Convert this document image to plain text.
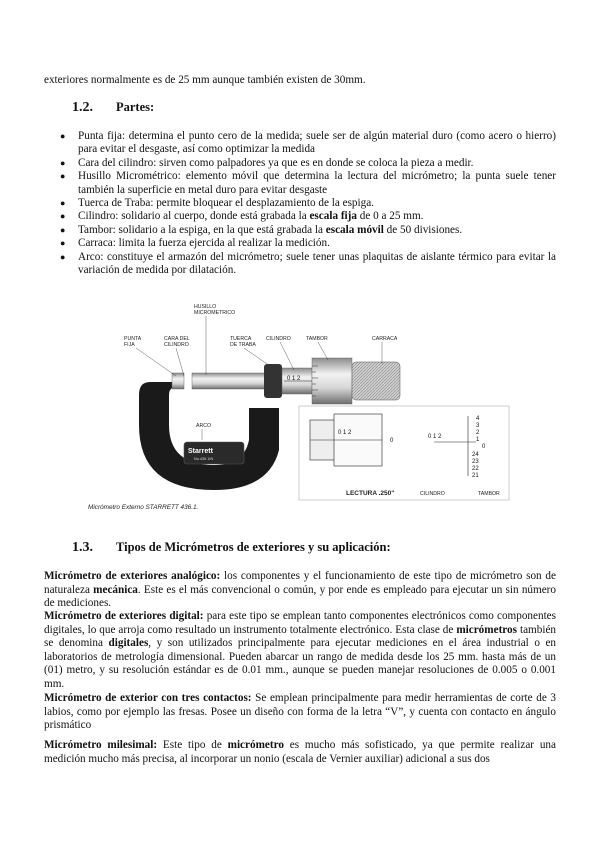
exteriores normalmente es de 25 mm aunque también existen de 30mm.
1.2. Partes:
● Punta fija: determina el punto cero de la medida; suele ser de algún material duro (como acero o hierro) para evitar el desgaste, así como optimizar la medida
● Cara del cilindro: sirven como palpadores ya que es en donde se coloca la pieza a medir.
● Husillo Micrométrico: elemento móvil que determina la lectura del micrómetro; la punta suele tener también la superficie en metal duro para evitar desgaste
● Tuerca de Traba: permite bloquear el desplazamiento de la espiga.
● Cilindro: solidario al cuerpo, donde está grabada la escala fija de 0 a 25 mm.
● Tambor: solidario a la espiga, en la que está grabada la escala móvil de 50 divisiones.
● Carraca: limita la fuerza ejercida al realizar la medición.
● Arco: constituye el armazón del micrómetro; suele tener unas plaquitas de aislante térmico para evitar la variación de medida por dilatación.
Starrett
No.436 1IN
0 1 2
PUNTA
FIJA
CARA DEL
CILINDRO
HUSILLO
MICROMETRICO
TUERCA
DE TRABA
CILINDRO	TAMBOR	CARRACA
ARCO
0 1 2
0
0 1 2
4
3
2
1
0
24
23
22
21
LECTURA .250"	CILINDRO	TAMBOR
Micrómetro Externo STARRETT 436.1.
1.3. Tipos de Micrómetros de exteriores y su aplicación:

Micrómetro de exteriores analógico: los componentes y el funcionamiento de este tipo de micrómetro son de naturaleza mecánica. Este es el más convencional o común, y por ende es empleado para ejecutar un sin número de mediciones.

Micrómetro de exteriores digital: para este tipo se emplean tanto componentes electrónicos como componentes digitales, lo que arroja como resultado un instrumento totalmente electrónico. Esta clase de micrómetros también se denomina digitales, y son utilizados principalmente para ejecutar mediciones en el área industrial o en laboratorios de metrología dimensional. Pueden abarcar un rango de medida desde los 25 mm. hasta más de un (01) metro, y su resolución estándar es de 0.01 mm., aunque se pueden manejar resoluciones de 0.005 o 0.001 mm.

Micrómetro de exterior con tres contactos: Se emplean principalmente para medir herramientas de corte de 3 labios, como por ejemplo las fresas. Posee un diseño con forma de la letra “V”, y cuenta con contacto en ángulo prismático

Micrómetro milesimal: Este tipo de micrómetro es mucho más sofisticado, ya que permite realizar una medición mucho más precisa, al incorporar un nonio (escala de Vernier auxiliar) adicional a sus dos
